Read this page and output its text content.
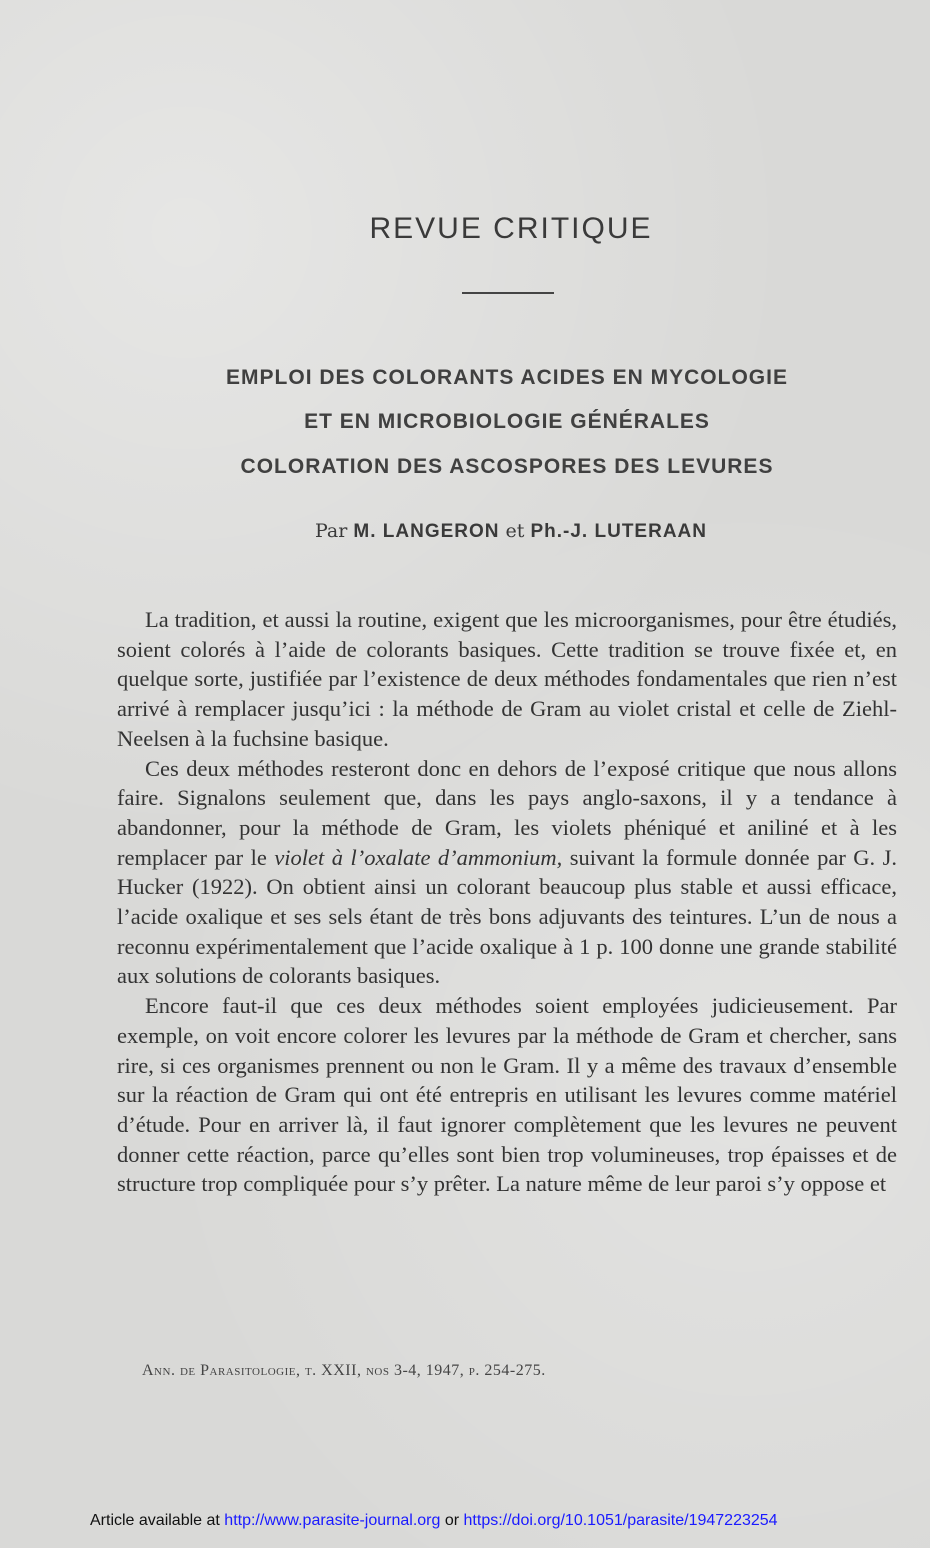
REVUE CRITIQUE
EMPLOI DES COLORANTS ACIDES EN MYCOLOGIE
ET EN MICROBIOLOGIE GÉNÉRALES
COLORATION DES ASCOSPORES DES LEVURES
Par M. LANGERON et Ph.-J. LUTERAAN

La tradition, et aussi la routine, exigent que les microorganismes, pour être étudiés, soient colorés à l’aide de colorants basiques. Cette tradition se trouve fixée et, en quelque sorte, justifiée par l’existence de deux méthodes fondamentales que rien n’est arrivé à remplacer jusqu’ici : la méthode de Gram au violet cristal et celle de Ziehl-Neelsen à la fuchsine basique.

Ces deux méthodes resteront donc en dehors de l’exposé critique que nous allons faire. Signalons seulement que, dans les pays anglo-saxons, il y a tendance à abandonner, pour la méthode de Gram, les violets phéniqué et aniliné et à les remplacer par le violet à l’oxalate d’ammonium, suivant la formule donnée par G. J. Hucker (1922). On obtient ainsi un colorant beaucoup plus stable et aussi efficace, l’acide oxalique et ses sels étant de très bons adjuvants des teintures. L’un de nous a reconnu expérimentalement que l’acide oxalique à 1 p. 100 donne une grande stabilité aux solutions de colorants basiques.

Encore faut-il que ces deux méthodes soient employées judicieusement. Par exemple, on voit encore colorer les levures par la méthode de Gram et chercher, sans rire, si ces organismes prennent ou non le Gram. Il y a même des travaux d’ensemble sur la réaction de Gram qui ont été entrepris en utilisant les levures comme matériel d’étude. Pour en arriver là, il faut ignorer complètement que les levures ne peuvent donner cette réaction, parce qu’elles sont bien trop volumineuses, trop épaisses et de structure trop compliquée pour s’y prêter. La nature même de leur paroi s’y oppose et

Ann. de Parasitologie, t. XXII, nos 3-4, 1947, p. 254-275.
Article available at http://www.parasite-journal.org or https://doi.org/10.1051/parasite/1947223254
